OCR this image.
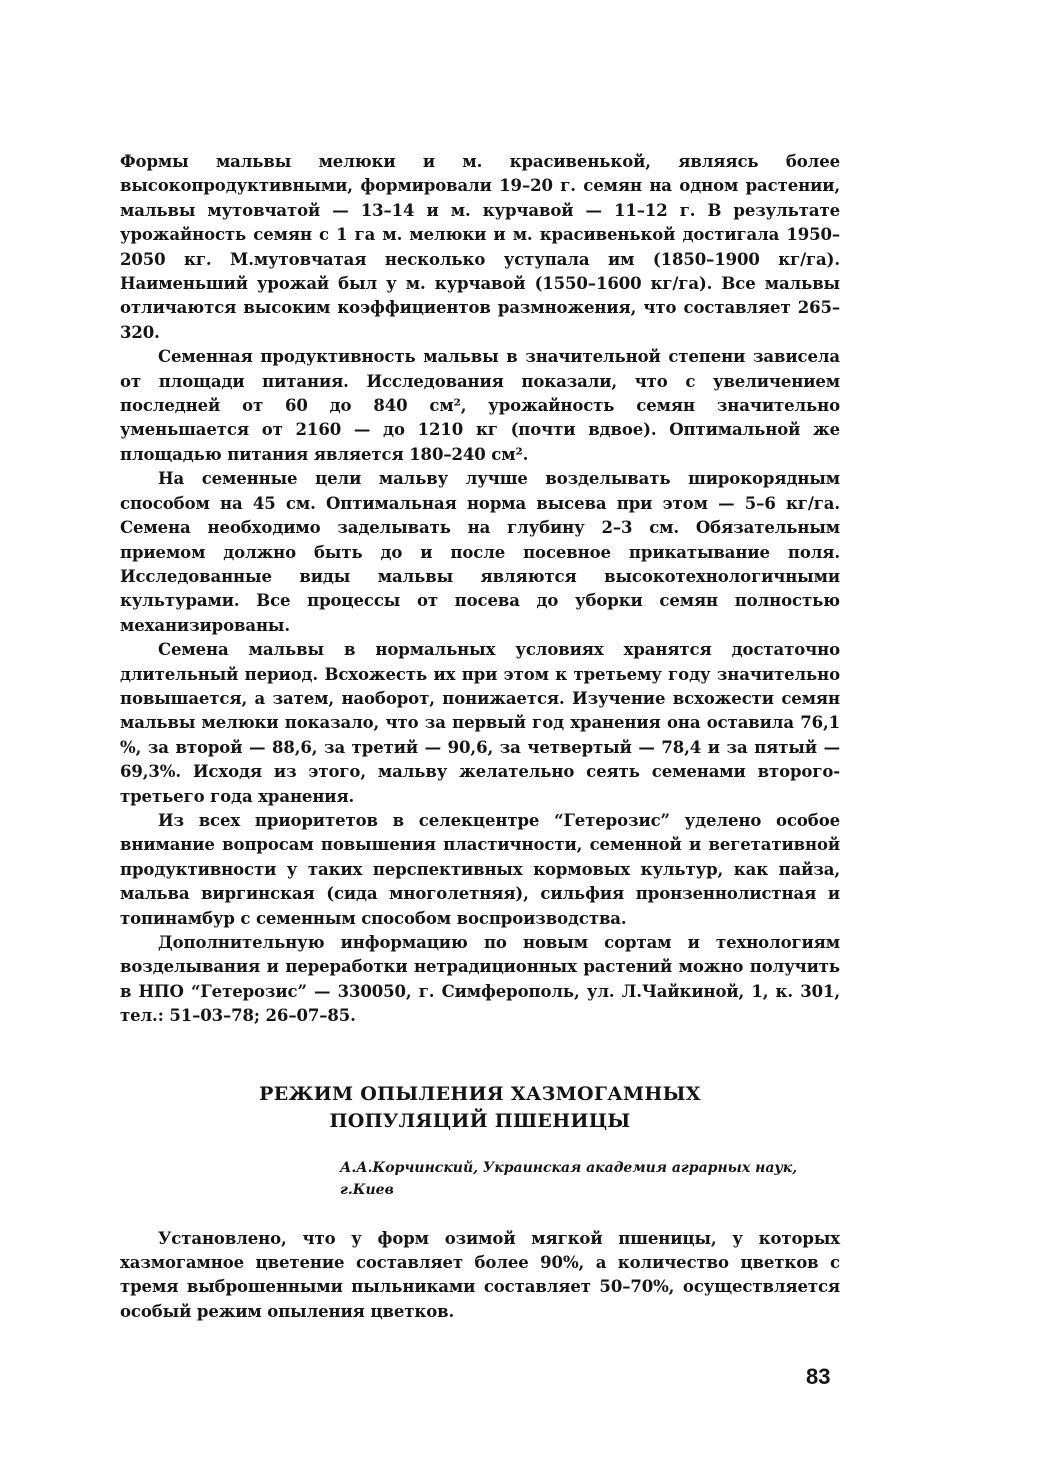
Формы мальвы мелюки и м. красивенькой, являясь более высокопродуктивными, формировали 19–20 г. семян на одном растении, мальвы мутовчатой — 13–14 и м. курчавой — 11–12 г. В результате урожайность семян с 1 га м. мелюки и м. красивенькой достигала 1950–2050 кг. М.мутовчатая несколько уступала им (1850–1900 кг/га). Наименьший урожай был у м. курчавой (1550–1600 кг/га). Все мальвы отличаются высоким коэффициентов размножения, что составляет 265–320.

Семенная продуктивность мальвы в значительной степени зависела от площади питания. Исследования показали, что с увеличением последней от 60 до 840 см², урожайность семян значительно уменьшается от 2160 — до 1210 кг (почти вдвое). Оптимальной же площадью питания является 180–240 см².

На семенные цели мальву лучше возделывать широкорядным способом на 45 см. Оптимальная норма высева при этом — 5–6 кг/га. Семена необходимо заделывать на глубину 2–3 см. Обязательным приемом должно быть до и после посевное прикатывание поля. Исследованные виды мальвы являются высокотехнологичными культурами. Все процессы от посева до уборки семян полностью механизированы.

Семена мальвы в нормальных условиях хранятся достаточно длительный период. Всхожесть их при этом к третьему году значительно повышается, а затем, наоборот, понижается. Изучение всхожести семян мальвы мелюки показало, что за первый год хранения она оставила 76,1 %, за второй — 88,6, за третий — 90,6, за четвертый — 78,4 и за пятый — 69,3%. Исходя из этого, мальву желательно сеять семенами второго-третьего года хранения.

Из всех приоритетов в селекцентре “Гетерозис” уделено особое внимание вопросам повышения пластичности, семенной и вегетативной продуктивности у таких перспективных кормовых культур, как пайза, мальва виргинская (сида многолетняя), сильфия пронзеннолистная и топинамбур с семенным способом воспроизводства.

Дополнительную информацию по новым сортам и технологиям возделывания и переработки нетрадиционных растений можно получить в НПО “Гетерозис” — 330050, г. Симферополь, ул. Л.Чайкиной, 1, к. 301, тел.: 51–03–78; 26–07–85.

РЕЖИМ ОПЫЛЕНИЯ ХАЗМОГАМНЫХ
ПОПУЛЯЦИЙ ПШЕНИЦЫ
А.А.Корчинский, Украинская академия аграрных наук, г.Киев

Установлено, что у форм озимой мягкой пшеницы, у которых хазмогамное цветение составляет более 90%, а количество цветков с тремя выброшенными пыльниками составляет 50–70%, осуществляется особый режим опыления цветков.

83
